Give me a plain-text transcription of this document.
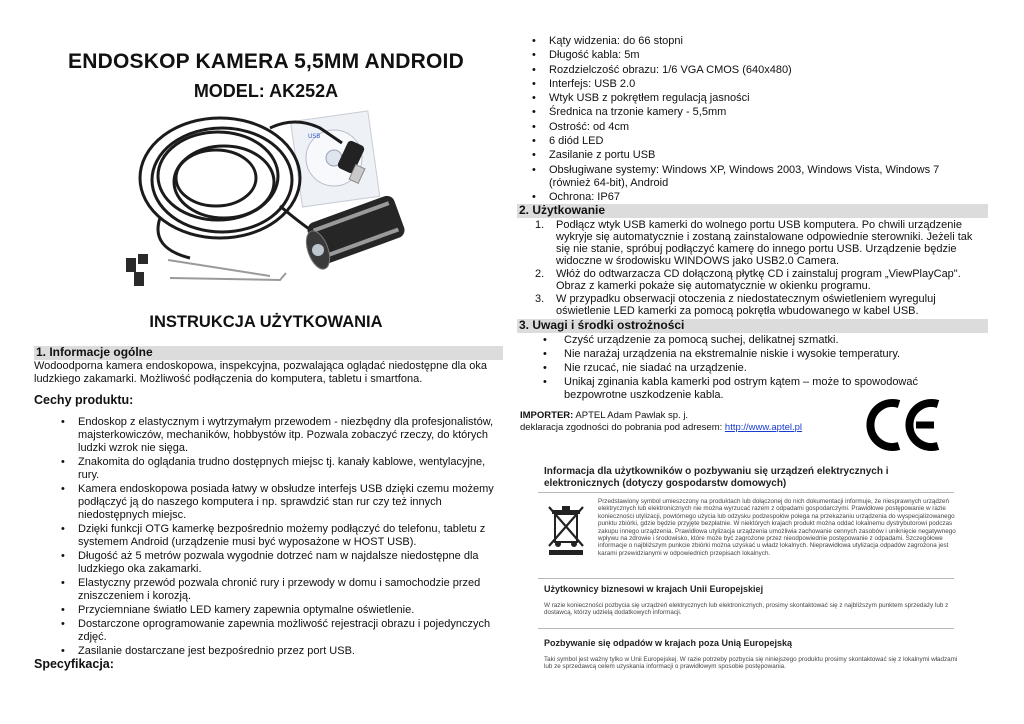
ENDOSKOP KAMERA 5,5MM ANDROID
MODEL: AK252A
USB
INSTRUKCJA UŻYTKOWANIA
1. Informacje ogólne
Wodoodporna kamera endoskopowa, inspekcyjna, pozwalająca oglądać niedostępne dla oka ludzkiego zakamarki. Możliwość podłączenia do komputera, tabletu i smartfona.
Cechy produktu:
• Endoskop z elastycznym i wytrzymałym przewodem - niezbędny dla profesjonalistów, majsterkowiczów, mechaników, hobbystów itp. Pozwala zobaczyć rzeczy, do których ludzki wzrok nie sięga.
• Znakomita do oglądania trudno dostępnych miejsc tj. kanały kablowe, wentylacyjne, rury.
• Kamera endoskopowa posiada łatwy w obsłudze interfejs USB dzięki czemu możemy podłączyć ją do naszego komputera i np. sprawdzić stan rur czy też innych niedostępnych miejsc.
• Dzięki funkcji OTG kamerkę bezpośrednio możemy podłączyć do telefonu, tabletu z systemem Android (urządzenie musi być wyposażone w HOST USB).
• Długość aż 5 metrów pozwala wygodnie dotrzeć nam w najdalsze niedostępne dla ludzkiego oka zakamarki.
• Elastyczny przewód pozwala chronić rury i przewody w domu i samochodzie przed zniszczeniem i korozją.
• Przyciemniane światło LED kamery zapewnia optymalne oświetlenie.
• Dostarczone oprogramowanie zapewnia możliwość rejestracji obrazu i pojedynczych zdjęć.
• Zasilanie dostarczane jest bezpośrednio przez port USB.
Specyfikacja:
• Kąty widzenia: do 66 stopni
• Długość kabla: 5m
• Rozdzielczość obrazu: 1/6 VGA CMOS (640x480)
• Interfejs: USB 2.0
• Wtyk USB z pokrętłem regulacją jasności
• Średnica na trzonie kamery - 5,5mm
• Ostrość: od 4cm
• 6 diód LED
• Zasilanie z portu USB
• Obsługiwane systemy: Windows XP, Windows 2003, Windows Vista, Windows 7 (również 64-bit), Android
• Ochrona: IP67
2. Użytkowanie
1. Podłącz wtyk USB kamerki do wolnego portu USB komputera. Po chwili urządzenie wykryje się automatycznie i zostaną zainstalowane odpowiednie sterowniki. Jeżeli tak się nie stanie, spróbuj podłączyć kamerę do innego portu USB. Urządzenie będzie widoczne w środowisku WINDOWS jako USB2.0 Camera.
2. Włóż do odtwarzacza CD dołączoną płytkę CD i zainstaluj program „ViewPlayCap". Obraz z kamerki pokaże się automatycznie w okienku programu.
3. W przypadku obserwacji otoczenia z niedostatecznym oświetleniem wyreguluj oświetlenie LED kamerki za pomocą pokrętła wbudowanego w kabel USB.
3. Uwagi i środki ostrożności
• Czyść urządzenie za pomocą suchej, delikatnej szmatki.
• Nie narażaj urządzenia na ekstremalnie niskie i wysokie temperatury.
• Nie rzucać, nie siadać na urządzenie.
• Unikaj zginania kabla kamerki pod ostrym kątem – może to spowodować bezpowrotne uszkodzenie kabla.
IMPORTER: APTEL Adam Pawlak sp. j.
deklaracja zgodności do pobrania pod adresem: http://www.aptel.pl
Informacja dla użytkowników o pozbywaniu się urządzeń elektrycznych i elektronicznych (dotyczy gospodarstw domowych)
Przedstawiony symbol umieszczony na produktach lub dołączonej do nich dokumentacji informuje, że niesprawnych urządzeń elektrycznych lub elektronicznych nie można wyrzucać razem z odpadami gospodarczymi. Prawidłowe postępowanie w razie konieczności utylizacji, powtórnego użycia lub odzysku podzespołów polega na przekazaniu urządzenia do wyspecjalizowanego punktu zbiórki, gdzie będzie przyjęte bezpłatnie. W niektórych krajach produkt można oddać lokalnemu dystrybutorowi podczas zakupu innego urządzenia. Prawidłowa utylizacja urządzenia umożliwia zachowanie cennych zasobów i uniknięcie negatywnego wpływu na zdrowie i środowisko, które może być zagrożone przez nieodpowiednie postępowanie z odpadami. Szczegółowe informacje o najbliższym punkcie zbiórki można uzyskać u władz lokalnych. Nieprawidłowa utylizacja odpadów zagrożona jest karami przewidzianymi w odpowiednich przepisach lokalnych.
Użytkownicy biznesowi w krajach Unii Europejskiej
W razie konieczności pozbycia się urządzeń elektrycznych lub elektronicznych, prosimy skontaktować się z najbliższym punktem sprzedaży lub z dostawcą, którzy udzielą dodatkowych informacji.
Pozbywanie się odpadów w krajach poza Unią Europejską
Taki symbol jest ważny tylko w Unii Europejskej. W razie potrzeby pozbycia się niniejszego produktu prosimy skontaktować się z lokalnymi władzami lub ze sprzedawcą celem uzyskania informacji o prawidłowym sposobie postępowania.
